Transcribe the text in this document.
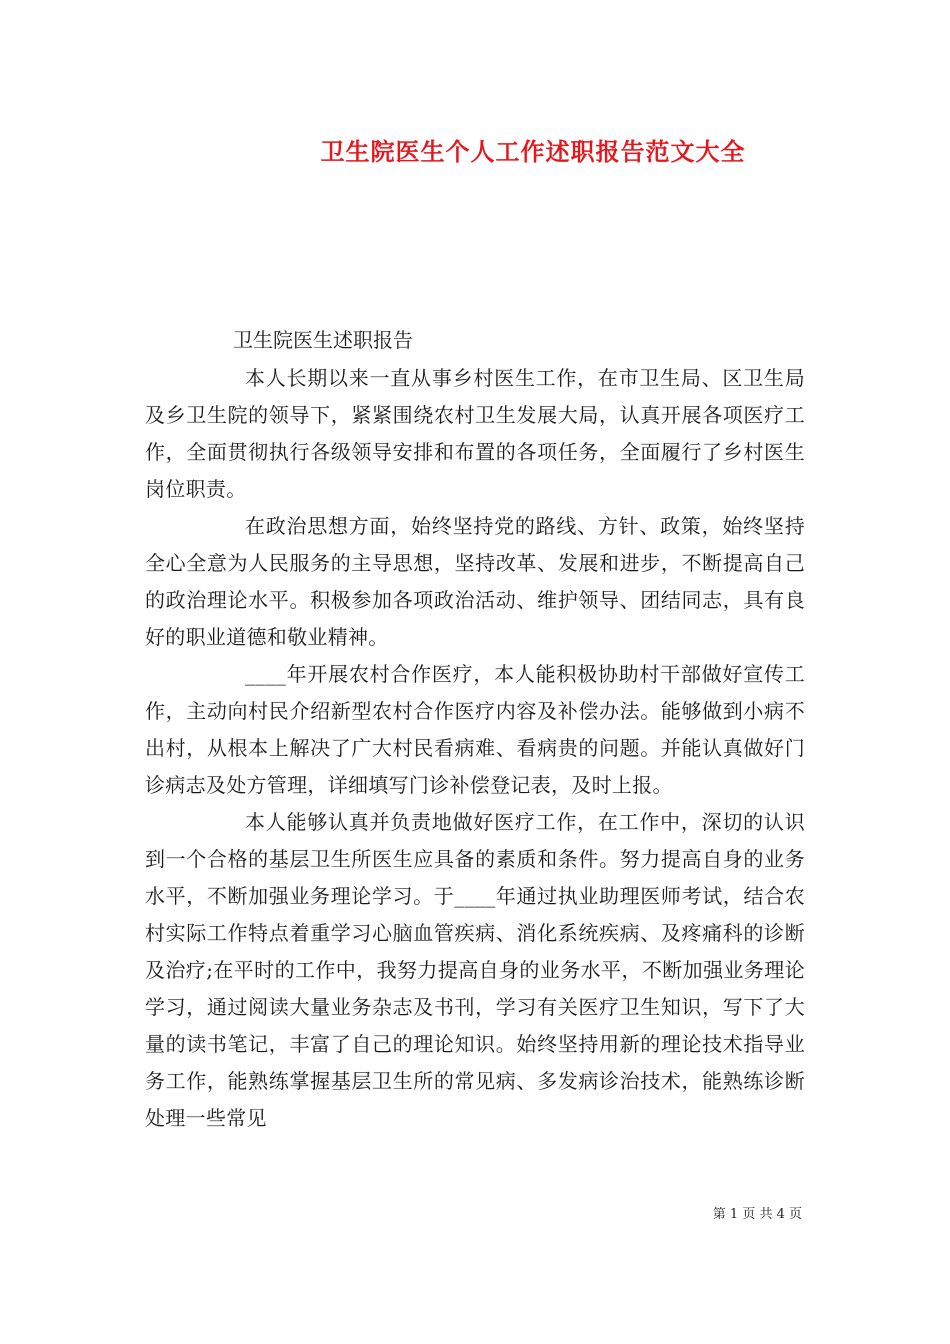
卫生院医生个人工作述职报告范文大全
卫生院医生述职报告

本人长期以来一直从事乡村医生工作，在市卫生局、区卫生局及乡卫生院的领导下，紧紧围绕农村卫生发展大局，认真开展各项医疗工作，全面贯彻执行各级领导安排和布置的各项任务，全面履行了乡村医生岗位职责。

在政治思想方面，始终坚持党的路线、方针、政策，始终坚持全心全意为人民服务的主导思想，坚持改革、发展和进步，不断提高自己的政治理论水平。积极参加各项政治活动、维护领导、团结同志，具有良好的职业道德和敬业精神。

____年开展农村合作医疗，本人能积极协助村干部做好宣传工作，主动向村民介绍新型农村合作医疗内容及补偿办法。能够做到小病不出村，从根本上解决了广大村民看病难、看病贵的问题。并能认真做好门诊病志及处方管理，详细填写门诊补偿登记表，及时上报。

本人能够认真并负责地做好医疗工作，在工作中，深切的认识到一个合格的基层卫生所医生应具备的素质和条件。努力提高自身的业务水平，不断加强业务理论学习。于____年通过执业助理医师考试，结合农村实际工作特点着重学习心脑血管疾病、消化系统疾病、及疼痛科的诊断及治疗;在平时的工作中，我努力提高自身的业务水平，不断加强业务理论学习，通过阅读大量业务杂志及书刊，学习有关医疗卫生知识，写下了大量的读书笔记，丰富了自己的理论知识。始终坚持用新的理论技术指导业务工作，能熟练掌握基层卫生所的常见病、多发病诊治技术，能熟练诊断处理一些常见

第 1 页 共 4 页
